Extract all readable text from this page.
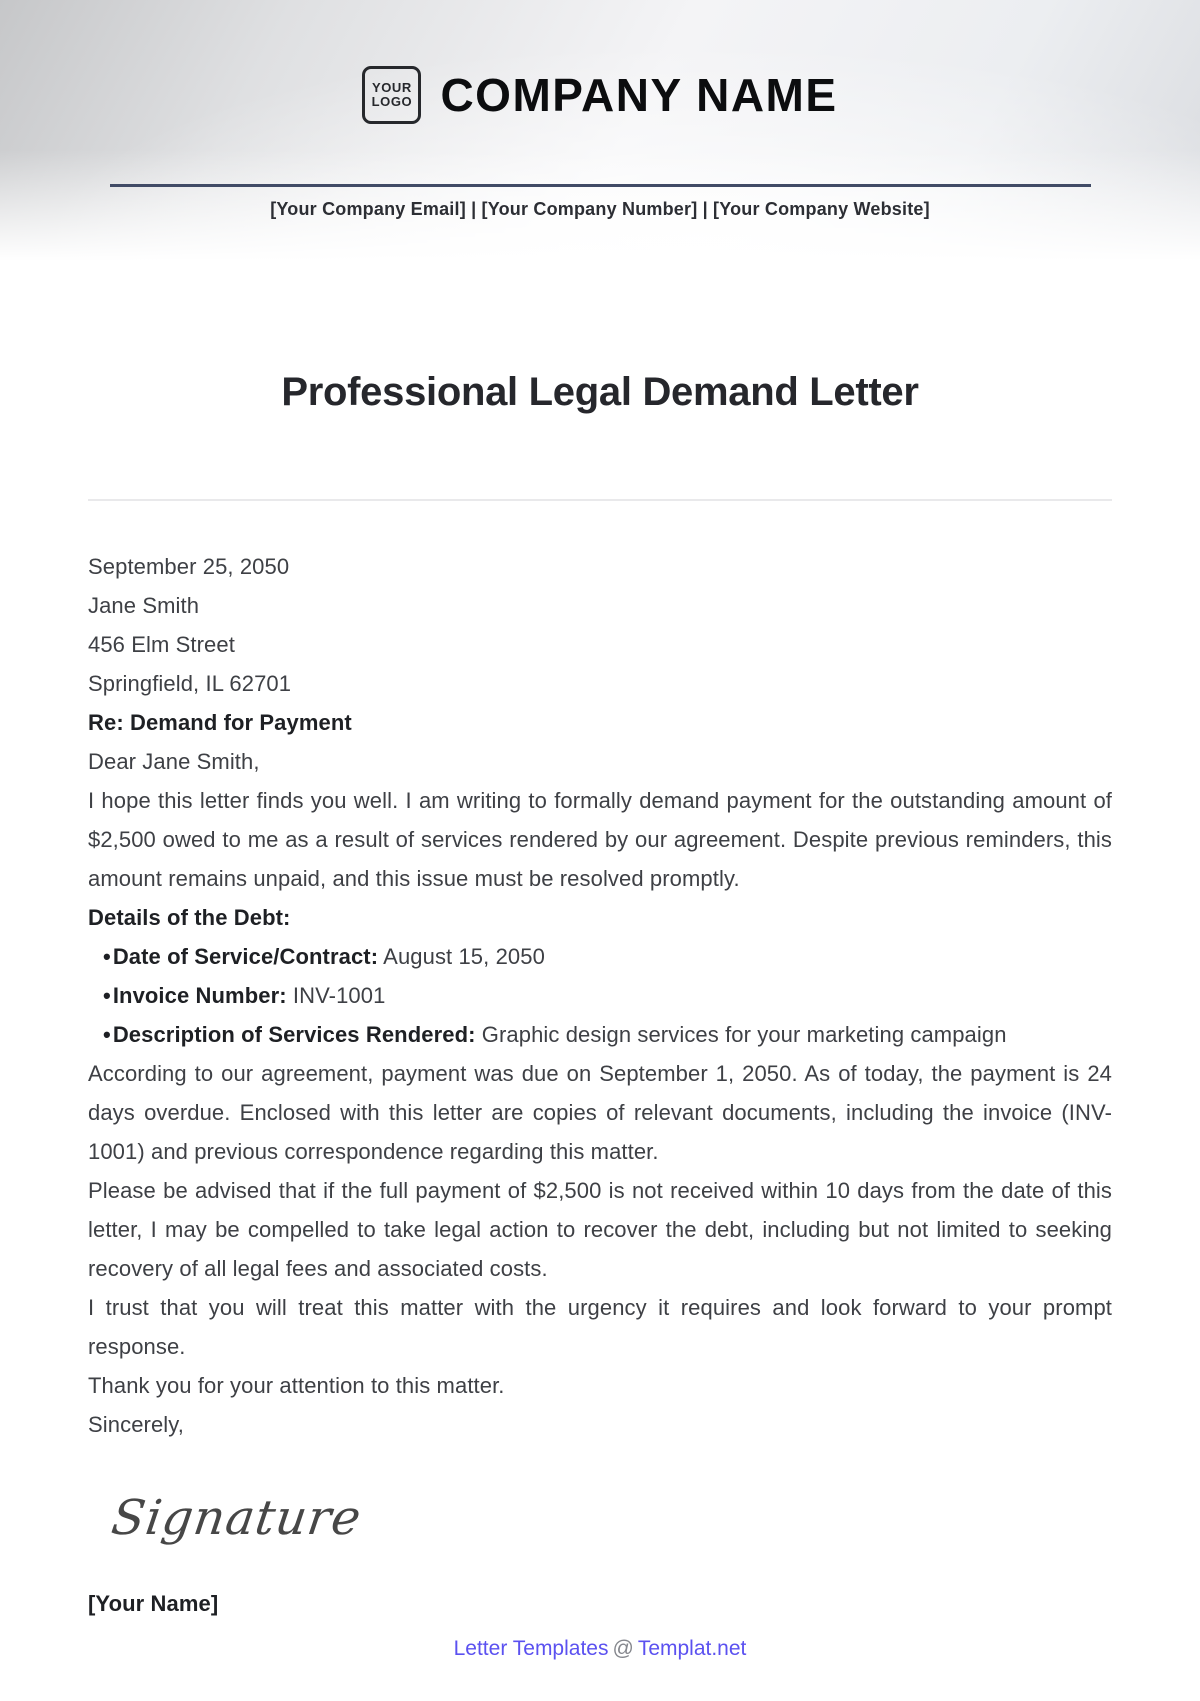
YOUR
LOGO COMPANY NAME
[Your Company Email] | [Your Company Number] | [Your Company Website]
Professional Legal Demand Letter
September 25, 2050
Jane Smith
456 Elm Street
Springfield, IL 62701
Re: Demand for Payment
Dear Jane Smith,

I hope this letter finds you well. I am writing to formally demand payment for the outstanding amount of $2,500 owed to me as a result of services rendered by our agreement. Despite previous reminders, this amount remains unpaid, and this issue must be resolved promptly.

Details of the Debt:
•Date of Service/Contract: August 15, 2050
•Invoice Number: INV-1001
•Description of Services Rendered: Graphic design services for your marketing campaign

According to our agreement, payment was due on September 1, 2050. As of today, the payment is 24 days overdue. Enclosed with this letter are copies of relevant documents, including the invoice (INV-1001) and previous correspondence regarding this matter.

Please be advised that if the full payment of $2,500 is not received within 10 days from the date of this letter, I may be compelled to take legal action to recover the debt, including but not limited to seeking recovery of all legal fees and associated costs.

I trust that you will treat this matter with the urgency it requires and look forward to your prompt response.

Thank you for your attention to this matter.
Sincerely,
Signature
[Your Name]
Letter Templates @ Templat.net
